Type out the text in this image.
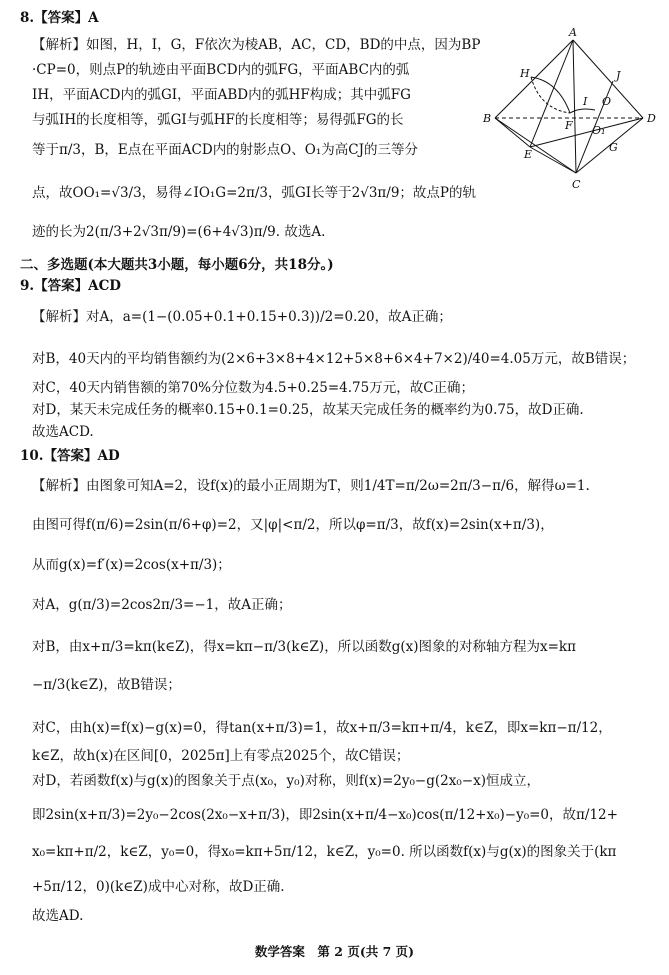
8.【答案】A
【解析】如图，H，I，G，F依次为棱AB，AC，CD，BD的中点，因为BP
·CP=0，则点P的轨迹由平面BCD内的弧FG，平面ABC内的弧
IH，平面ACD内的弧GI，平面ABD内的弧HF构成；其中弧FG
与弧IH的长度相等，弧GI与弧HF的长度相等；易得弧FG的长
等于π/3，B，E点在平面ACD内的射影点O、O₁为高CJ的三等分
点，故OO₁=√3/3，易得∠IO₁G=2π/3，弧GI长等于2√3π/9；故点P的轨
迹的长为2(π/3+2√3π/9)=(6+4√3)π/9. 故选A.
二、多选题(本大题共3小题，每小题6分，共18分。)
9.【答案】ACD
【解析】对A，a=(1−(0.05+0.1+0.15+0.3))/2=0.20，故A正确；
对B，40天内的平均销售额约为(2×6+3×8+4×12+5×8+6×4+7×2)/40=4.05万元，故B错误；
对C，40天内销售额的第70%分位数为4.5+0.25=4.75万元，故C正确；
对D，某天未完成任务的概率0.15+0.1=0.25，故某天完成任务的概率约为0.75，故D正确.
故选ACD.
10.【答案】AD
【解析】由图象可知A=2，设f(x)的最小正周期为T，则1/4T=π/2ω=2π/3−π/6，解得ω=1.
由图可得f(π/6)=2sin(π/6+φ)=2，又|φ|<π/2，所以φ=π/3，故f(x)=2sin(x+π/3)，
从而g(x)=f′(x)=2cos(x+π/3)；
对A，g(π/3)=2cos2π/3=−1，故A正确；
对B，由x+π/3=kπ(k∈Z)，得x=kπ−π/3(k∈Z)，所以函数g(x)图象的对称轴方程为x=kπ
−π/3(k∈Z)，故B错误；
对C，由h(x)=f(x)−g(x)=0，得tan(x+π/3)=1，故x+π/3=kπ+π/4，k∈Z，即x=kπ−π/12，
k∈Z，故h(x)在区间[0，2025π]上有零点2025个，故C错误；
对D，若函数f(x)与g(x)的图象关于点(x₀，y₀)对称，则f(x)=2y₀−g(2x₀−x)恒成立，
即2sin(x+π/3)=2y₀−2cos(2x₀−x+π/3)，即2sin(x+π/4−x₀)cos(π/12+x₀)−y₀=0，故π/12+
x₀=kπ+π/2，k∈Z，y₀=0，得x₀=kπ+5π/12，k∈Z，y₀=0. 所以函数f(x)与g(x)的图象关于(kπ
+5π/12，0)(k∈Z)成中心对称，故D正确.
故选AD.
A
H	J
B
I O
D
F O₁
E
G
C
数学答案　第 2 页(共 7 页)
